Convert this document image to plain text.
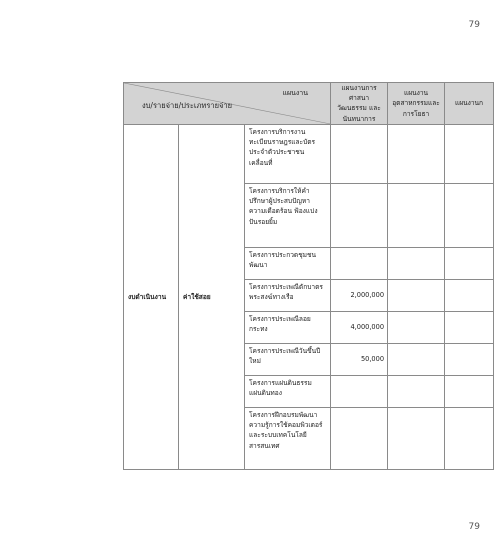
79
แผนงาน
งบ/รายจ่าย/ประเภทรายจ่าย			แผนงานการศาสนา วัฒนธรรม และนันทนาการ	แผนงาน อุตสาหกรรมและการโยธา	แผนงานก
งบดำเนินงาน	ค่าใช้สอย	โครงการบริการงานทะเบียนราษฎรและบัตรประจำตัวประชาชนเคลื่อนที่			
		โครงการบริการให้คำปรึกษาผู้ประสบปัญหาความเดือดร้อน ฟ้องแบ่งปันรอยยิ้ม			
		โครงการประกวดชุมชนพัฒนา			
		โครงการประเพณีตักบาตรพระสงฆ์ทางเรือ	2,000,000		
		โครงการประเพณีลอยกระทง	4,000,000		
		โครงการประเพณีวันขึ้นปีใหม่	50,000		
		โครงการแผ่นดินธรรมแผ่นดินทอง			
		โครงการฝึกอบรมพัฒนาความรู้การใช้คอมพิวเตอร์และระบบเทคโนโลยีสารสนเทศ			
79
